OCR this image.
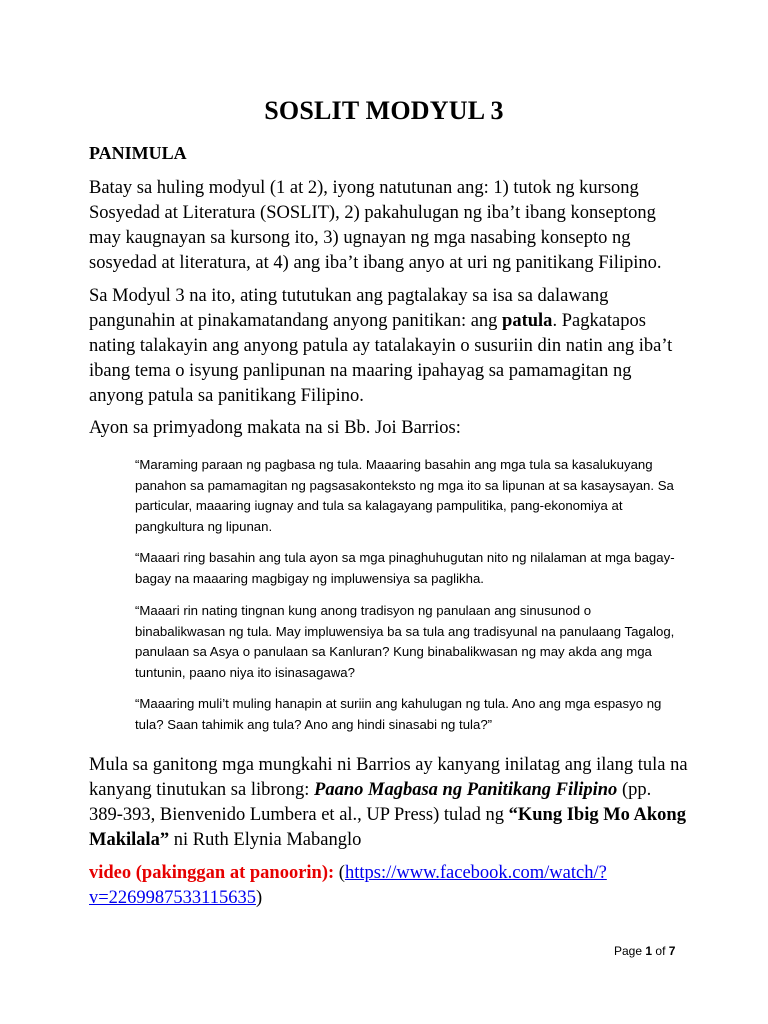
SOSLIT MODYUL 3
PANIMULA
Batay sa huling modyul (1 at 2), iyong natutunan ang: 1) tutok ng kursong Sosyedad at Literatura (SOSLIT), 2) pakahulugan ng iba’t ibang konseptong may kaugnayan sa kursong ito, 3) ugnayan ng mga nasabing konsepto ng sosyedad at literatura, at 4) ang iba’t ibang anyo at uri ng panitikang Filipino.
Sa Modyul 3 na ito, ating tututukan ang pagtalakay sa isa sa dalawang pangunahin at pinakamatandang anyong panitikan: ang patula. Pagkatapos nating talakayin ang anyong patula ay tatalakayin o susuriin din natin ang iba’t ibang tema o isyung panlipunan na maaring ipahayag sa pamamagitan ng anyong patula sa panitikang Filipino.
Ayon sa primyadong makata na si Bb. Joi Barrios:
“Maraming paraan ng pagbasa ng tula. Maaaring basahin ang mga tula sa kasalukuyang panahon sa pamamagitan ng pagsasakonteksto ng mga ito sa lipunan at sa kasaysayan. Sa particular, maaaring iugnay and tula sa kalagayang pampulitika, pang-ekonomiya at pangkultura ng lipunan.
“Maaari ring basahin ang tula ayon sa mga pinaghuhugutan nito ng nilalaman at mga bagay-bagay na maaaring magbigay ng impluwensiya sa paglikha.
“Maaari rin nating tingnan kung anong tradisyon ng panulaan ang sinusunod o binabalikwasan ng tula. May impluwensiya ba sa tula ang tradisyunal na panulaang Tagalog, panulaan sa Asya o panulaan sa Kanluran? Kung binabalikwasan ng may akda ang mga tuntunin, paano niya ito isinasagawa?
“Maaaring muli’t muling hanapin at suriin ang kahulugan ng tula. Ano ang mga espasyo ng tula? Saan tahimik ang tula? Ano ang hindi sinasabi ng tula?”
Mula sa ganitong mga mungkahi ni Barrios ay kanyang inilatag ang ilang tula na kanyang tinutukan sa librong: Paano Magbasa ng Panitikang Filipino (pp. 389-393, Bienvenido Lumbera et al., UP Press) tulad ng “Kung Ibig Mo Akong Makilala” ni Ruth Elynia Mabanglo
video (pakinggan at panoorin): (https://www.facebook.com/watch/?v=2269987533115635)
Page 1 of 7
